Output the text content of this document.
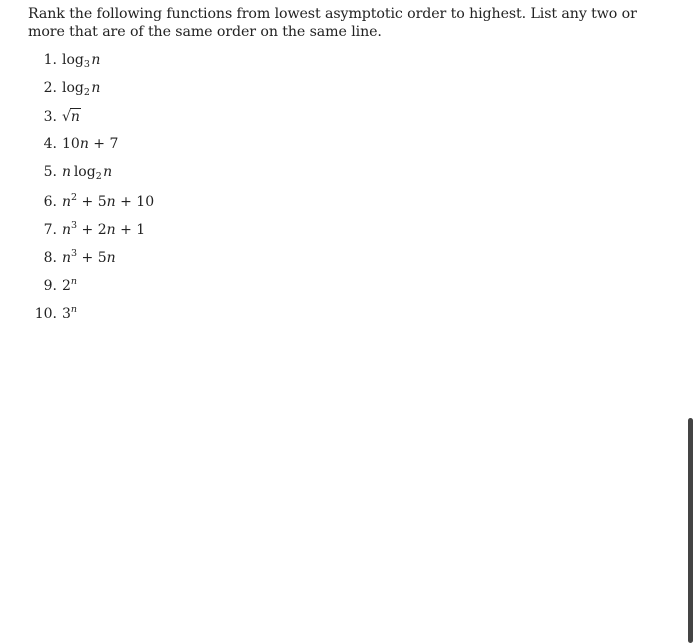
Rank the following functions from lowest asymptotic order to highest. List any two or more that are of the same order on the same line.
1. $\log_3$ n
2. $\log_2$ n
3. √n
4. 10n + 7
5. n  $\log_2$ n
6. $n^2 + 5n + 10$
7. $n^3 + 2n + 1$
8. $n^3 + 5n$
9. 2$^n$
10. 3$^n$
